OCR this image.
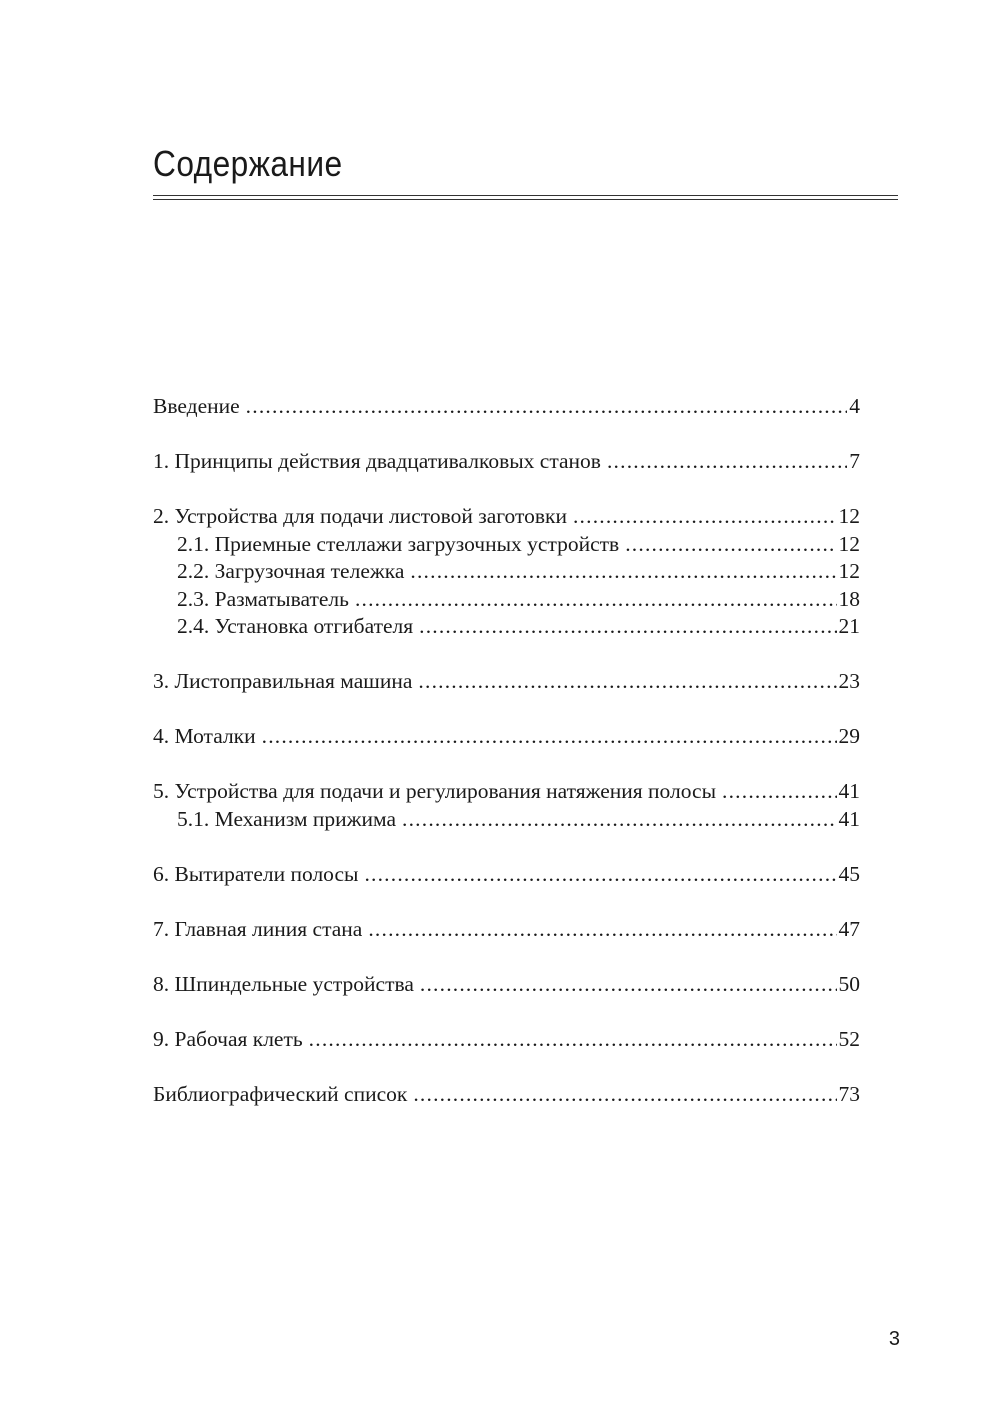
Содержание
Введение .....	4
1. Принципы действия двадцативалковых станов .....	7
2. Устройства для подачи листовой заготовки .....	12
2.1. Приемные стеллажи загрузочных устройств .....	12
2.2. Загрузочная тележка .....	12
2.3. Разматыватель .....	18
2.4. Установка отгибателя .....	21
3. Листоправильная машина .....	23
4. Моталки .....	29
5. Устройства для подачи и регулирования натяжения полосы .....	41
5.1. Механизм прижима .....	41
6. Вытиратели полосы .....	45
7. Главная линия стана .....	47
8. Шпиндельные устройства .....	50
9. Рабочая клеть .....	52
Библиографический список .....	73
3
